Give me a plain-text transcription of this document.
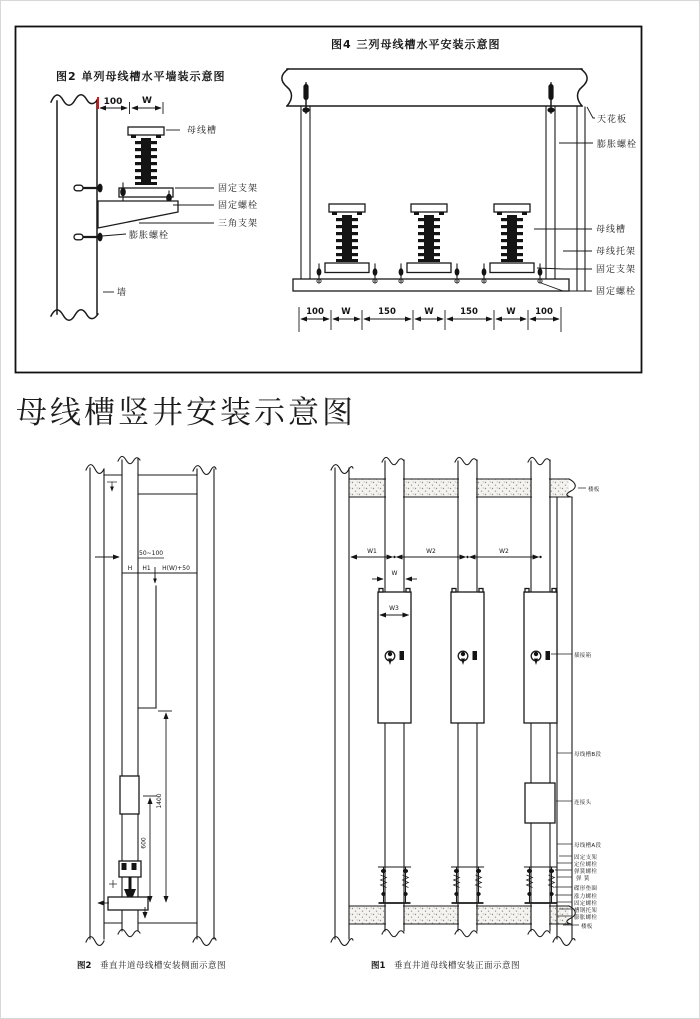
图2 单列母线槽水平墙装示意图
100 W
母线槽
固定支架
固定螺栓
三角支架
膨胀螺栓
墙
图4 三列母线槽水平安装示意图
天花板
膨胀螺栓
母线槽
母线托架
固定支架
固定螺栓
100 W	150	W	150	W 100
50~100
H H1 H(W)+50
1400
600
图2 垂直井道母线槽安装侧面示意图
W1	W2	W2
W
W3
楼板
插接箱
母线槽B段
连接头
母线槽A段
固定支架
定位螺栓
弹簧螺栓
弹 簧
碟形垫圈
涨力螺栓
固定螺栓
槽钢托架
膨胀螺栓
楼板
图1 垂直井道母线槽安装正面示意图
母线槽竖井安装示意图
